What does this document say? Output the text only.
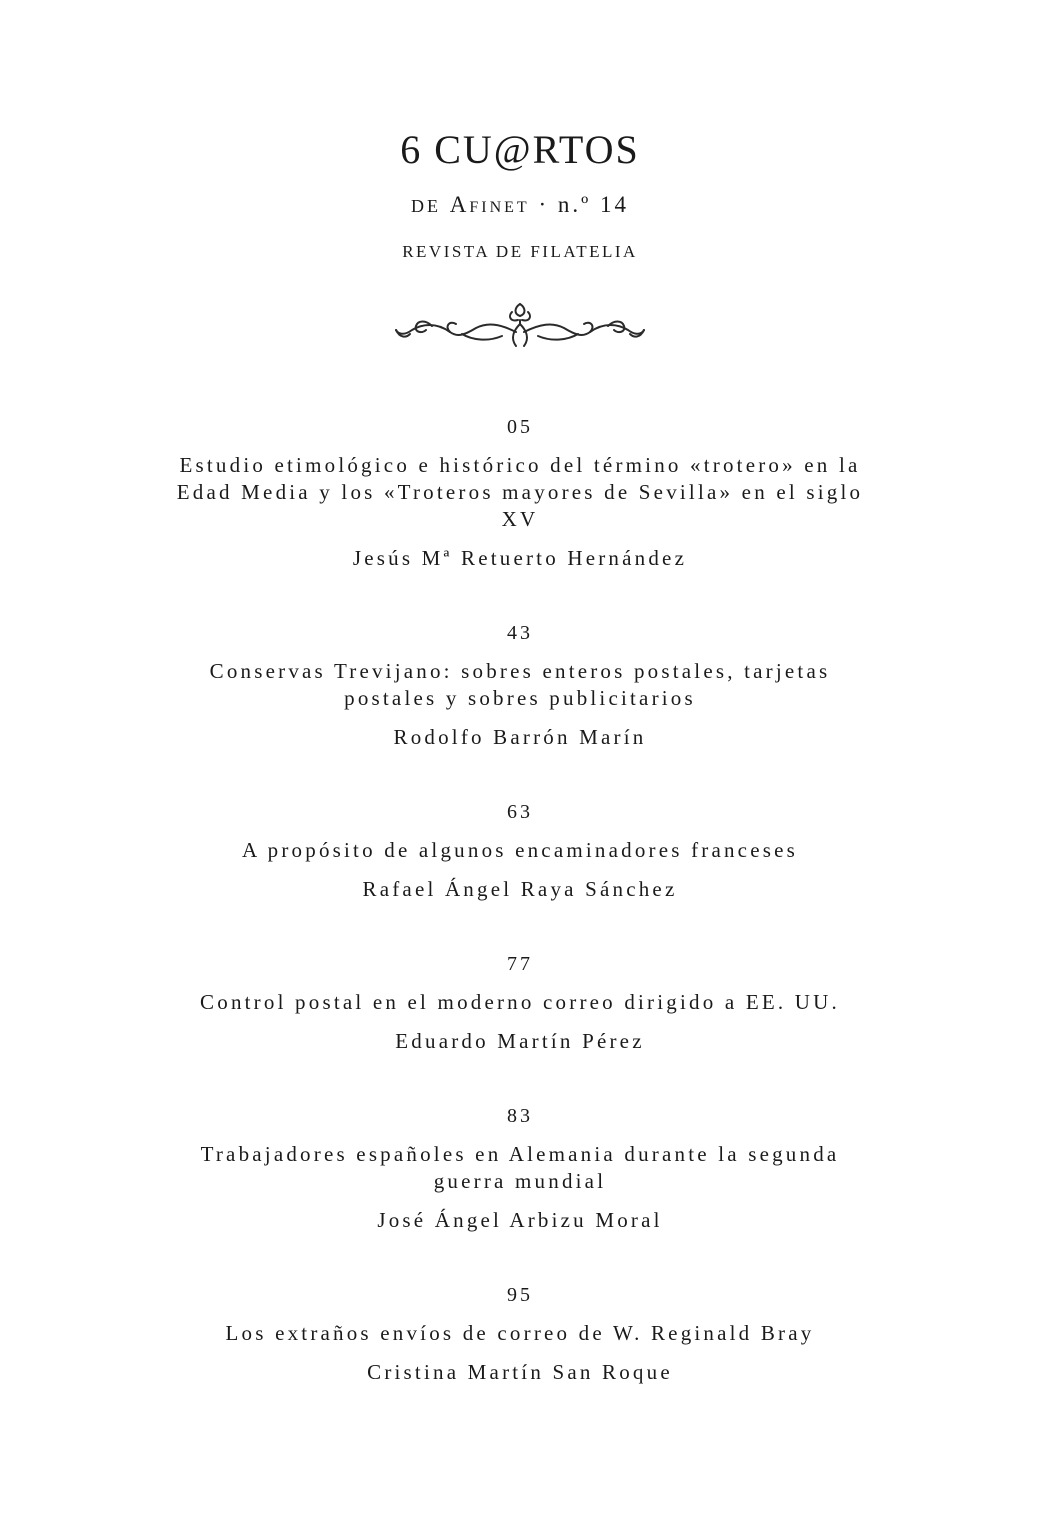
6 CU@RTOS
DE Afinet · n.º 14
REVISTA DE FILATELIA
05
Estudio etimológico e histórico del término «trotero» en la Edad Media y los «Troteros mayores de Sevilla» en el siglo XV
Jesús Mª Retuerto Hernández
43
Conservas Trevijano: sobres enteros postales, tarjetas postales y sobres publicitarios
Rodolfo Barrón Marín
63
A propósito de algunos encaminadores franceses
Rafael Ángel Raya Sánchez
77
Control postal en el moderno correo dirigido a EE. UU.
Eduardo Martín Pérez
83
Trabajadores españoles en Alemania durante la segunda guerra mundial
José Ángel Arbizu Moral
95
Los extraños envíos de correo de W. Reginald Bray
Cristina Martín San Roque
